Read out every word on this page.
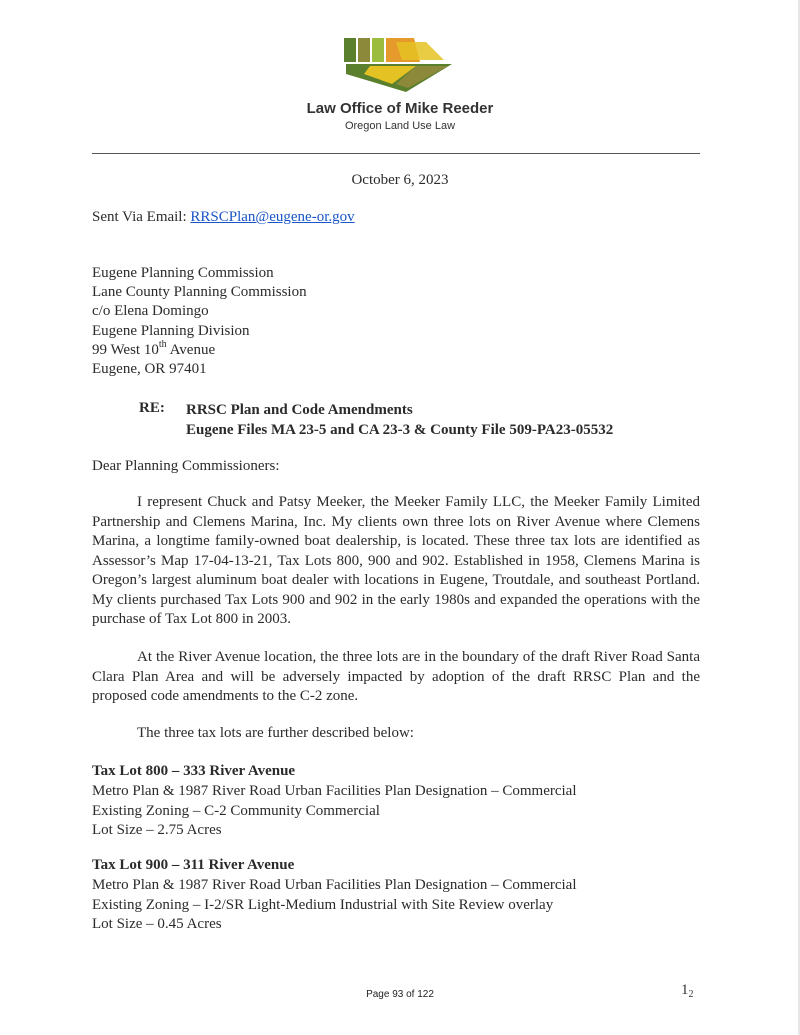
Law Office of Mike Reeder
Oregon Land Use Law
October 6, 2023
Sent Via Email: RRSCPlan@eugene-or.gov
Eugene Planning Commission
Lane County Planning Commission
c/o Elena Domingo
Eugene Planning Division
99 West 10th Avenue
Eugene, OR 97401
RE: RRSC Plan and Code Amendments
Eugene Files MA 23-5 and CA 23-3 & County File 509-PA23-05532
Dear Planning Commissioners:
I represent Chuck and Patsy Meeker, the Meeker Family LLC, the Meeker Family Limited Partnership and Clemens Marina, Inc. My clients own three lots on River Avenue where Clemens Marina, a longtime family-owned boat dealership, is located. These three tax lots are identified as Assessor’s Map 17-04-13-21, Tax Lots 800, 900 and 902. Established in 1958, Clemens Marina is Oregon’s largest aluminum boat dealer with locations in Eugene, Troutdale, and southeast Portland. My clients purchased Tax Lots 900 and 902 in the early 1980s and expanded the operations with the purchase of Tax Lot 800 in 2003.
At the River Avenue location, the three lots are in the boundary of the draft River Road Santa Clara Plan Area and will be adversely impacted by adoption of the draft RRSC Plan and the proposed code amendments to the C-2 zone.
The three tax lots are further described below:
Tax Lot 800 – 333 River Avenue
Metro Plan & 1987 River Road Urban Facilities Plan Designation – Commercial
Existing Zoning – C-2 Community Commercial
Lot Size – 2.75 Acres
Tax Lot 900 – 311 River Avenue
Metro Plan & 1987 River Road Urban Facilities Plan Designation – Commercial
Existing Zoning – I-2/SR Light-Medium Industrial with Site Review overlay
Lot Size – 0.45 Acres
Page 93 of 122	$1_2$
